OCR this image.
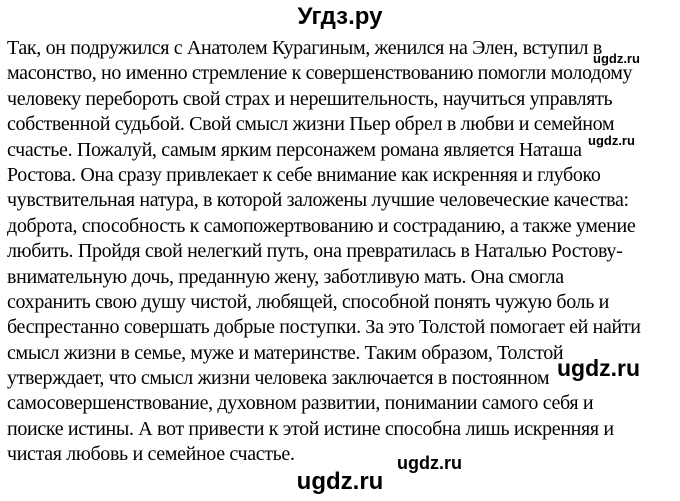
Угдз.ру
Так, он подружился с Анатолем Курагиным, женился на Элен, вступил в
масонство, но именно стремление к совершенствованию помогли молодому
человеку перебороть свой страх и нерешительность, научиться управлять
собственной судьбой. Свой смысл жизни Пьер обрел в любви и семейном
счастье. Пожалуй, самым ярким персонажем романа является Наташа
Ростова. Она сразу привлекает к себе внимание как искренняя и глубоко
чувствительная натура, в которой заложены лучшие человеческие качества:
доброта, способность к самопожертвованию и состраданию, а также умение
любить. Пройдя свой нелегкий путь, она превратилась в Наталью Ростову-
внимательную дочь, преданную жену, заботливую мать. Она смогла
сохранить свою душу чистой, любящей, способной понять чужую боль и
беспрестанно совершать добрые поступки. За это Толстой помогает ей найти
смысл жизни в семье, муже и материнстве. Таким образом, Толстой
утверждает, что смысл жизни человека заключается в постоянном
самосовершенствование, духовном развитии, понимании самого себя и
поиске истины. А вот привести к этой истине способна лишь искренняя и
чистая любовь и семейное счастье.
ugdz.ru
ugdz.ru
ugdz.ru
ugdz.ru
ugdz.ru
